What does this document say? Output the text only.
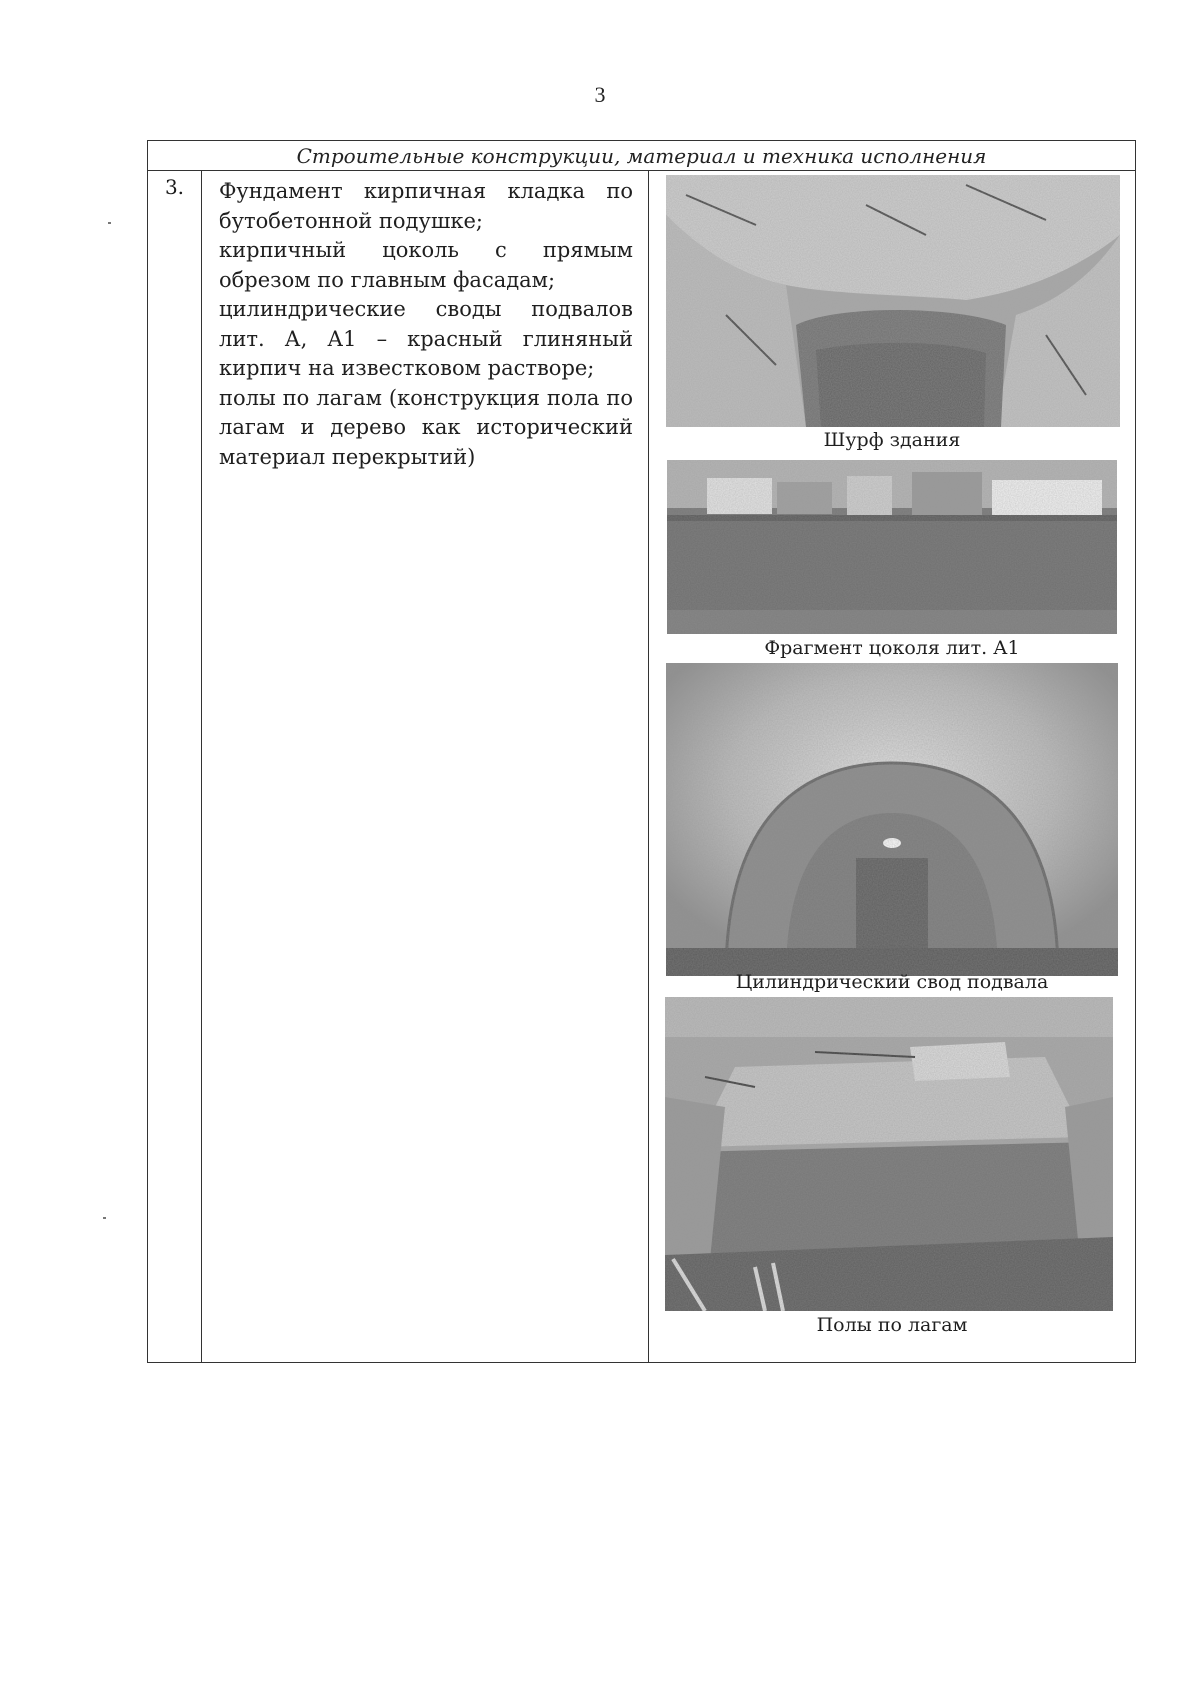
3
Строительные конструкции, материал и техника исполнения
3.	Фундамент кирпичная кладка по
бутобетонной подушке;
кирпичный цоколь с прямым
обрезом по главным фасадам;
цилиндрические своды подвалов
лит. А, А1 – красный глиняный
кирпич на известковом растворе;
полы по лагам (конструкция пола по
лагам и дерево как исторический
материал перекрытий)
Шурф здания
Фрагмент цоколя лит. А1
Цилиндрический свод подвала
Полы по лагам
